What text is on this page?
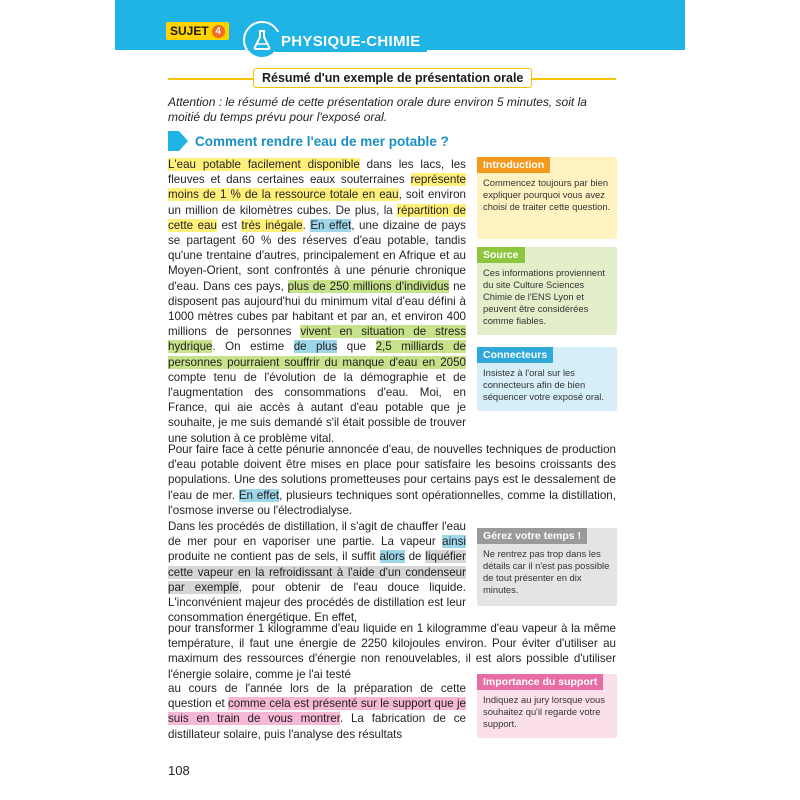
SUJET 4
PHYSIQUE-CHIMIE
Résumé d'un exemple de présentation orale
Attention : le résumé de cette présentation orale dure environ 5 minutes, soit la moitié du temps prévu pour l'exposé oral.
Comment rendre l'eau de mer potable ?

L'eau potable facilement disponible dans les lacs, les fleuves et dans certaines eaux souterraines représente moins de 1 % de la ressource totale en eau, soit environ un million de kilomètres cubes. De plus, la répartition de cette eau est très inégale. En effet, une dizaine de pays se partagent 60 % des réserves d'eau potable, tandis qu'une trentaine d'autres, principalement en Afrique et au Moyen-Orient, sont confrontés à une pénurie chronique d'eau. Dans ces pays, plus de 250 millions d'individus ne disposent pas aujourd'hui du minimum vital d'eau défini à 1000 mètres cubes par habitant et par an, et environ 400 millions de personnes vivent en situation de stress hydrique. On estime de plus que 2,5 milliards de personnes pourraient souffrir du manque d'eau en 2050 compte tenu de l'évolution de la démographie et de l'augmentation des consommations d'eau. Moi, en France, qui aie accès à autant d'eau potable que je souhaite, je me suis demandé s'il était possible de trouver une solution à ce problème vital.

Pour faire face à cette pénurie annoncée d'eau, de nouvelles techniques de production d'eau potable doivent être mises en place pour satisfaire les besoins croissants des populations. Une des solutions prometteuses pour certains pays est le dessalement de l'eau de mer. En effet, plusieurs techniques sont opérationnelles, comme la distillation, l'osmose inverse ou l'électrodialyse.

Dans les procédés de distillation, il s'agit de chauffer l'eau de mer pour en vaporiser une partie. La vapeur ainsi produite ne contient pas de sels, il suffit alors de liquéfier cette vapeur en la refroidissant à l'aide d'un condenseur par exemple, pour obtenir de l'eau douce liquide. L'inconvénient majeur des procédés de distillation est leur consommation énergétique. En effet,

pour transformer 1 kilogramme d'eau liquide en 1 kilogramme d'eau vapeur à la même température, il faut une énergie de 2250 kilojoules environ. Pour éviter d'utiliser au maximum des ressources d'énergie non renouvelables, il est alors possible d'utiliser l'énergie solaire, comme je l'ai testé

au cours de l'année lors de la préparation de cette question et comme cela est présenté sur le support que je suis en train de vous montrer. La fabrication de ce distillateur solaire, puis l'analyse des résultats

Introduction
Commencez toujours par bien expliquer pourquoi vous avez choisi de traiter cette question.
Source
Ces informations proviennent du site Culture Sciences Chimie de l'ENS Lyon et peuvent être considérées comme fiables.
Connecteurs
Insistez à l'oral sur les connecteurs afin de bien séquencer votre exposé oral.
Gérez votre temps !
Ne rentrez pas trop dans les détails car il n'est pas possible de tout présenter en dix minutes.
Importance du support
Indiquez au jury lorsque vous souhaitez qu'il regarde votre support.
108
